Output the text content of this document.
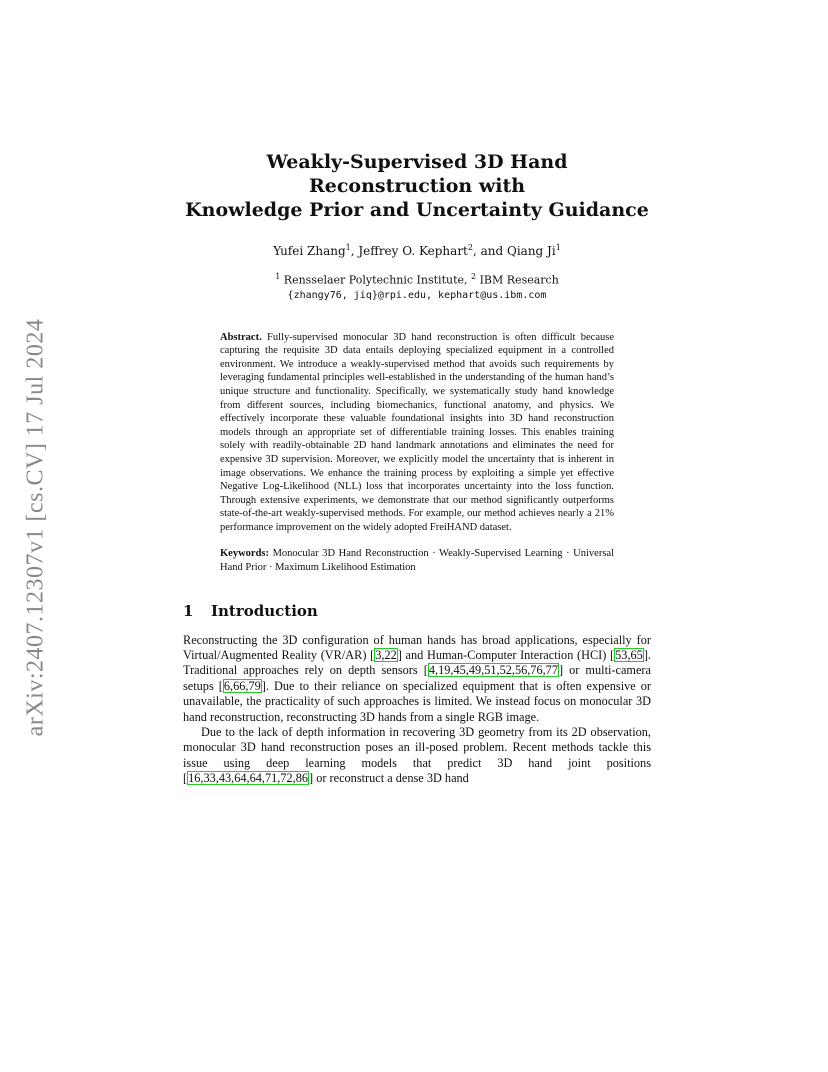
arXiv:2407.12307v1 [cs.CV] 17 Jul 2024
Weakly-Supervised 3D Hand Reconstruction with
Knowledge Prior and Uncertainty Guidance
Yufei Zhang$^1$, Jeffrey O. Kephart$^2$, and Qiang Ji$^1$
$^1$ Rensselaer Polytechnic Institute, $^2$ IBM Research
{zhangy76, jiq}@rpi.edu, kephart@us.ibm.com
Abstract. Fully-supervised monocular 3D hand reconstruction is often difficult because capturing the requisite 3D data entails deploying specialized equipment in a controlled environment. We introduce a weakly-supervised method that avoids such requirements by leveraging fundamental principles well-established in the understanding of the human hand’s unique structure and functionality. Specifically, we systematically study hand knowledge from different sources, including biomechanics, functional anatomy, and physics. We effectively incorporate these valuable foundational insights into 3D hand reconstruction models through an appropriate set of differentiable training losses. This enables training solely with readily-obtainable 2D hand landmark annotations and eliminates the need for expensive 3D supervision. Moreover, we explicitly model the uncertainty that is inherent in image observations. We enhance the training process by exploiting a simple yet effective Negative Log-Likelihood (NLL) loss that incorporates uncertainty into the loss function. Through extensive experiments, we demonstrate that our method significantly outperforms state-of-the-art weakly-supervised methods. For example, our method achieves nearly a 21% performance improvement on the widely adopted FreiHAND dataset.
Keywords: Monocular 3D Hand Reconstruction · Weakly-Supervised Learning · Universal Hand Prior · Maximum Likelihood Estimation
1 Introduction

Reconstructing the 3D configuration of human hands has broad applications, especially for Virtual/Augmented Reality (VR/AR) [3,22] and Human-Computer Interaction (HCI) [53,65]. Traditional approaches rely on depth sensors [4,19,45,49,51,52,56,76,77] or multi-camera setups [6,66,79]. Due to their reliance on specialized equipment that is often expensive or unavailable, the practicality of such approaches is limited. We instead focus on monocular 3D hand reconstruction, reconstructing 3D hands from a single RGB image.

Due to the lack of depth information in recovering 3D geometry from its 2D observation, monocular 3D hand reconstruction poses an ill-posed problem. Recent methods tackle this issue using deep learning models that predict 3D hand joint positions [16,33,43,64,64,71,72,86] or reconstruct a dense 3D hand
